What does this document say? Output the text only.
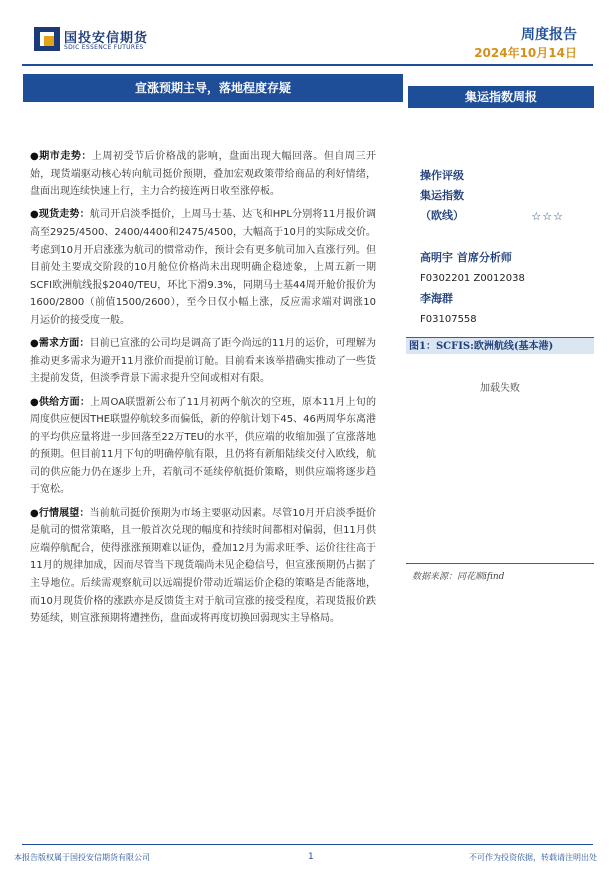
国投安信期货
SDIC ESSENCE FUTURES
周度报告
2024年10月14日
宣涨预期主导，落地程度存疑
集运指数周报

●期市走势：上周初受节后价格战的影响，盘面出现大幅回落。但自周三开始，现货端驱动核心转向航司挺价预期，叠加宏观政策带给商品的利好情绪，盘面出现连续快速上行，主力合约接连两日收至涨停板。

●现货走势：航司开启淡季挺价，上周马士基、达飞和HPL分别将11月报价调高至2925/4500、2400/4400和2475/4500，大幅高于10月的实际成交价。考虑到10月开启涨涨为航司的惯常动作，预计会有更多航司加入直涨行列。但目前处主要成交阶段的10月舱位价格尚未出现明确企稳迹象，上周五新一期SCFI欧洲航线报$2040/TEU，环比下滑9.3%，同期马士基44周开舱价报价为1600/2800（前值1500/2600），至今日仅小幅上涨，反应需求端对调涨10月运价的接受度一般。

●需求方面：目前已宣涨的公司均是调高了距今尚远的11月的运价，可理解为推动更多需求为避开11月涨价而提前订舱。目前看来该举措确实推动了一些货主提前发货，但淡季背景下需求提升空间或相对有限。

●供给方面：上周OA联盟新公布了11月初两个航次的空班，原本11月上旬的周度供应便因THE联盟停航较多而偏低，新的停航计划下45、46两周华东离港的平均供应量将进一步回落至22万TEU的水平，供应端的收缩加强了宣涨落地的预期。但目前11月下旬的明确停航有限，且仍将有新船陆续交付入欧线，航司的供应能力仍在逐步上升，若航司不延续停航挺价策略，则供应端将逐步趋于宽松。

●行情展望：当前航司挺价预期为市场主要驱动因素。尽管10月开启淡季挺价是航司的惯常策略，且一般首次兑现的幅度和持续时间都相对偏弱，但11月供应端停航配合，使得涨涨预期难以证伪，叠加12月为需求旺季、运价往往高于11月的规律加成，因而尽管当下现货端尚未见企稳信号，但宣涨预期仍占据了主导地位。后续需观察航司以远端提价带动近端运价企稳的策略是否能落地，而10月现货价格的涨跌亦是反馈货主对于航司宣涨的接受程度，若现货报价跌势延续，则宣涨预期将遭挫伤，盘面或将再度切换回弱现实主导格局。

操作评级
集运指数
（欧线）	☆☆☆
高明宇 首席分析师
F0302201 Z0012038
李海群
F03107558
图1：SCFIS:欧洲航线(基本港)
加载失败
数据来源：同花顺ifind
本报告版权属于国投安信期货有限公司	1	不可作为投资依据，转载请注明出处
